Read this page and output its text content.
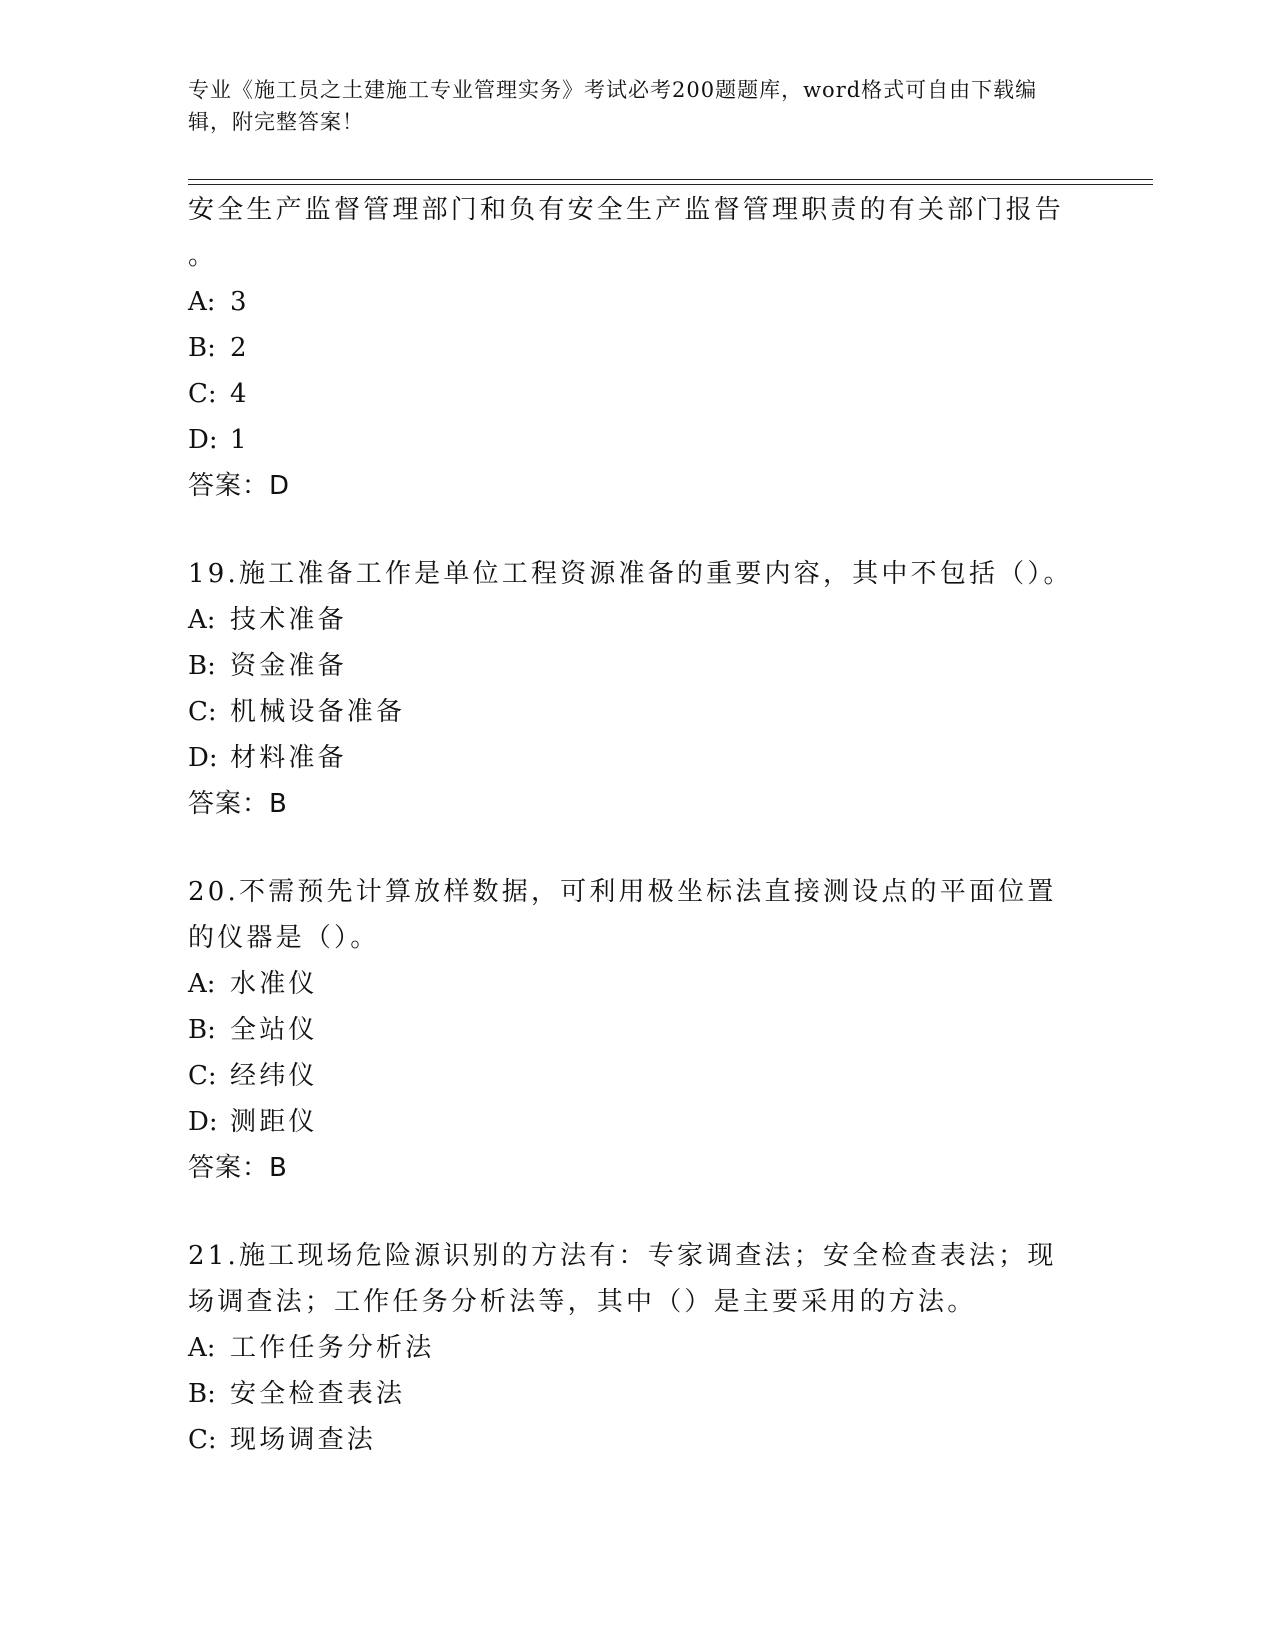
专业《施工员之土建施工专业管理实务》考试必考200题题库，word格式可自由下载编辑，附完整答案！
安全生产监督管理部门和负有安全生产监督管理职责的有关部门报告
。
A: 3
B: 2
C: 4
D: 1
答案：D
19.施工准备工作是单位工程资源准备的重要内容，其中不包括（）。
A: 技术准备
B: 资金准备
C: 机械设备准备
D: 材料准备
答案：B
20.不需预先计算放样数据，可利用极坐标法直接测设点的平面位置的仪器是（）。
A: 水准仪
B: 全站仪
C: 经纬仪
D: 测距仪
答案：B
21.施工现场危险源识别的方法有：专家调查法；安全检查表法；现场调查法；工作任务分析法等，其中（）是主要采用的方法。
A: 工作任务分析法
B: 安全检查表法
C: 现场调查法
